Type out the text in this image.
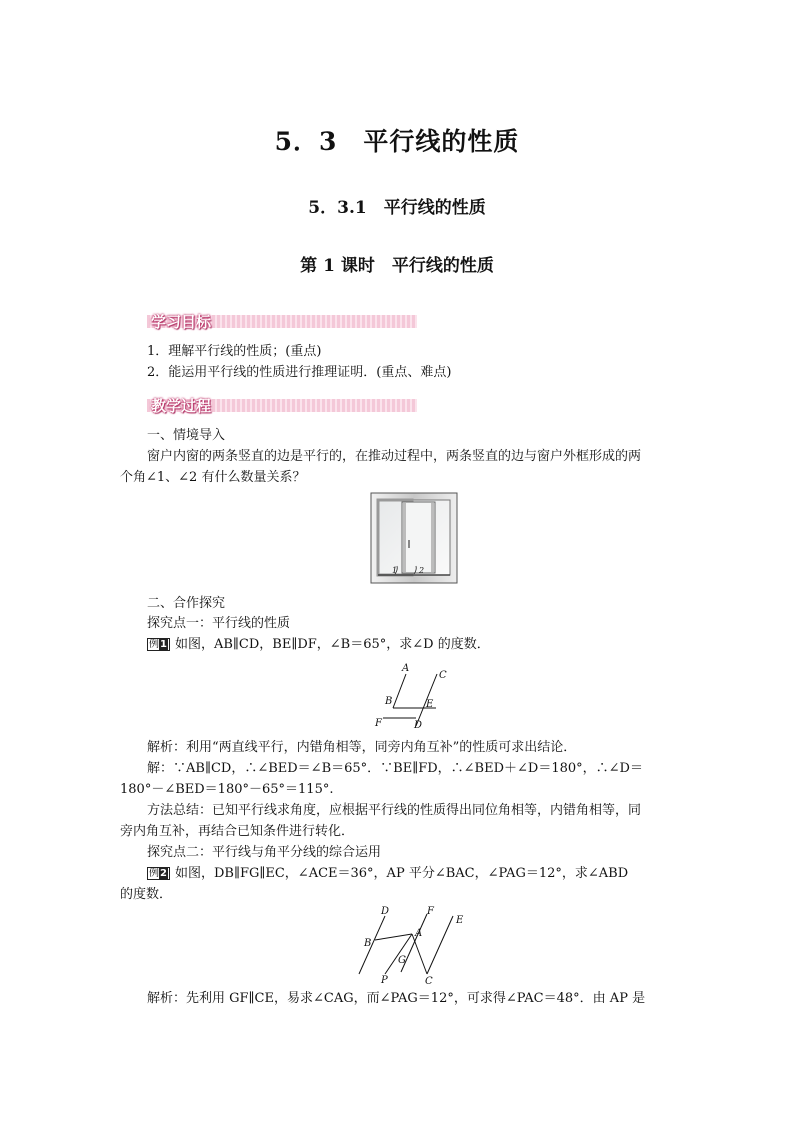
5．3　平行线的性质
5．3.1　平行线的性质
第 1 课时　平行线的性质
学习目标
1．理解平行线的性质；(重点)
2．能运用平行线的性质进行推理证明．(重点、难点)
教学过程
一、情境导入
窗户内窗的两条竖直的边是平行的，在推动过程中，两条竖直的边与窗户外框形成的两
个角∠1、∠2 有什么数量关系？
1	2
二、合作探究
探究点一：平行线的性质
例1 如图，AB∥CD，BE∥DF，∠B＝65°，求∠D 的度数．
A
C
B	E
F	D
解析：利用“两直线平行，内错角相等，同旁内角互补”的性质可求出结论．
解：∵AB∥CD，∴∠BED＝∠B＝65°．∵BE∥FD，∴∠BED＋∠D＝180°，∴∠D＝
180°－∠BED＝180°－65°＝115°.
方法总结：已知平行线求角度，应根据平行线的性质得出同位角相等，内错角相等，同
旁内角互补，再结合已知条件进行转化．
探究点二：平行线与角平分线的综合运用
例2 如图，DB∥FG∥EC，∠ACE＝36°，AP 平分∠BAC，∠PAG＝12°，求∠ABD
的度数．
D	F
E
B
A
G
P	C
解析：先利用 GF∥CE，易求∠CAG，而∠PAG＝12°，可求得∠PAC＝48°．由 AP 是
